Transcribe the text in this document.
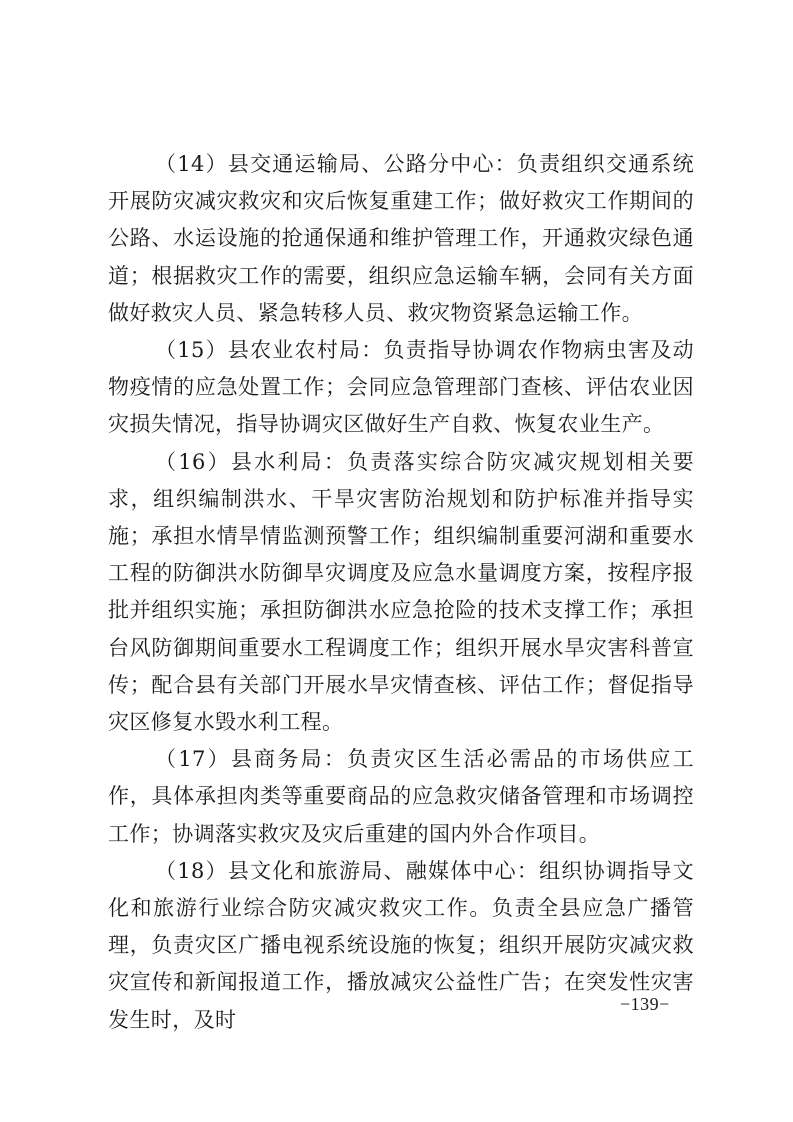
（14）县交通运输局、公路分中心：负责组织交通系统开展防灾减灾救灾和灾后恢复重建工作；做好救灾工作期间的公路、水运设施的抢通保通和维护管理工作，开通救灾绿色通道；根据救灾工作的需要，组织应急运输车辆，会同有关方面做好救灾人员、紧急转移人员、救灾物资紧急运输工作。

（15）县农业农村局：负责指导协调农作物病虫害及动物疫情的应急处置工作；会同应急管理部门查核、评估农业因灾损失情况，指导协调灾区做好生产自救、恢复农业生产。

（16）县水利局：负责落实综合防灾减灾规划相关要求，组织编制洪水、干旱灾害防治规划和防护标准并指导实施；承担水情旱情监测预警工作；组织编制重要河湖和重要水工程的防御洪水防御旱灾调度及应急水量调度方案，按程序报批并组织实施；承担防御洪水应急抢险的技术支撑工作；承担台风防御期间重要水工程调度工作；组织开展水旱灾害科普宣传；配合县有关部门开展水旱灾情查核、评估工作；督促指导灾区修复水毁水利工程。

（17）县商务局：负责灾区生活必需品的市场供应工作，具体承担肉类等重要商品的应急救灾储备管理和市场调控工作；协调落实救灾及灾后重建的国内外合作项目。

（18）县文化和旅游局、融媒体中心：组织协调指导文化和旅游行业综合防灾减灾救灾工作。负责全县应急广播管理，负责灾区广播电视系统设施的恢复；组织开展防灾减灾救灾宣传和新闻报道工作，播放减灾公益性广告；在突发性灾害发生时，及时

−139−
